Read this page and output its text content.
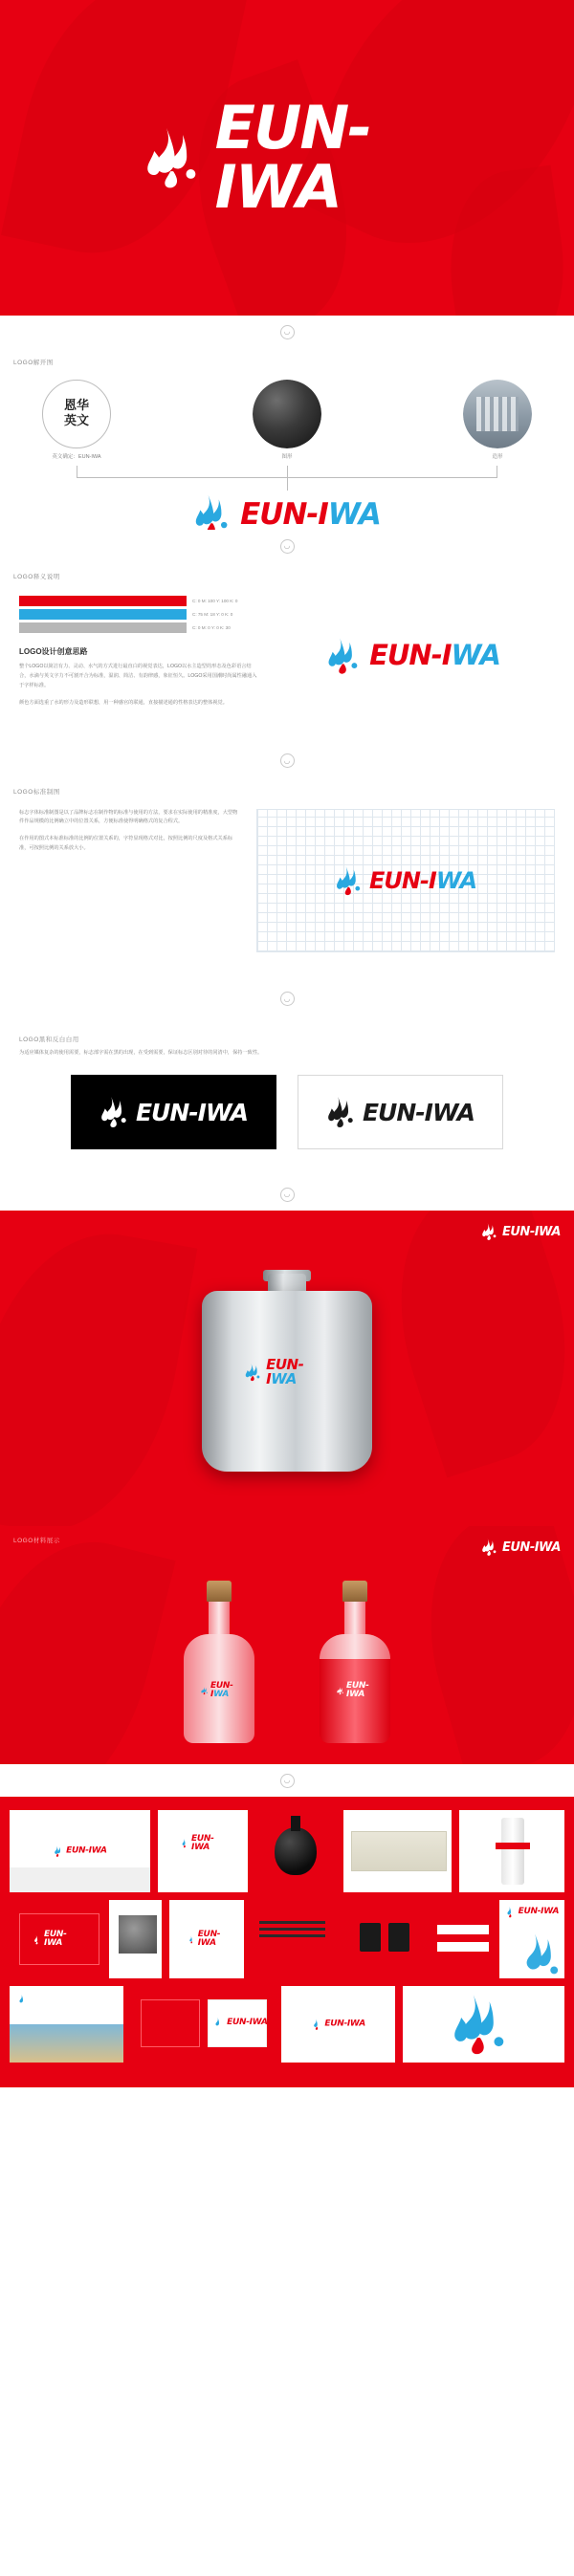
EUN-IWA
◡
LOGO解开图
恩华
英文
英文确定：EUN-IWA	图形	造形
EUN-IWA
◡
LOGO释义说明
C: 0 M: 100 Y: 100 K: 0
C: 75 M: 18 Y: 0 K: 0
C: 0 M: 0 Y: 0 K: 30
LOGO设计创意思路

整个LOGO以简洁有力、灵动、水气的方式进行最直白的视觉表达，LOGO以水主造型的形态及色彩语言结合，水滴与英文字力不可割开合为标准，温润、简洁、有韵律感，象征恒久。LOGO采用国潮时尚属性融通入于字样标准。

颜色方面选重了水的形力及造形联想，用一种感官的联通，直接描述通的性格表达的整体视觉。

EUN-IWA
◡
LOGO标准制图

标志字体标准制图是以了品牌标志在制作物的标准与使用的方法，要求在实际使用的精准度，大型物件作品规模的比例确立中的位置关系，方便标准使得明确格式的复合程式。

在作用的图式本标准标准的比例的位置关系的，字符显现格式对比，按照比例的尺度及格式关系标准，可按照比例的关系放大小。

EUN-IWA
◡
LOGO黑和反白白用

为适应媒体复杂的使用需要，标志部字需在黑的出现，在受到需要，保证标志区别对待的同清中，保持一致性。

EUN-IWA	EUN-IWA
◡
EUN-IWA
EUN-IWA
LOGO材料展示	EUN-IWA
EUN-IWA
EUN-IWA
◡
EUN-IWA
EUN-IWA
EUN-IWA
EUN-IWA
EUN-IWA
EUN-IWA	EUN-IWA
